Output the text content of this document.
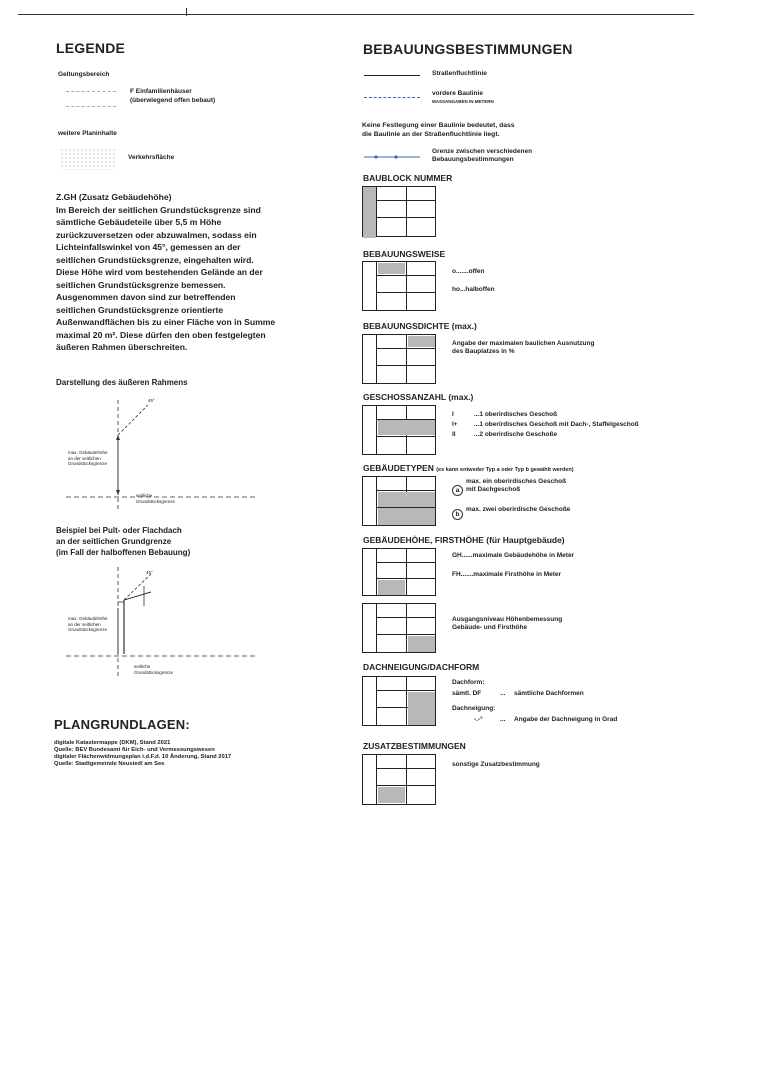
LEGENDE
Geltungsbereich
F Einfamilienhäuser
(überwiegend offen bebaut)
weitere Planinhalte
Verkehrsfläche
Z.GH (Zusatz Gebäudehöhe)
Im Bereich der seitlichen Grundstücksgrenze sind
sämtliche Gebäudeteile über 5,5 m Höhe
zurückzuversetzen oder abzuwalmen, sodass ein
Lichteinfallswinkel von 45°, gemessen an der
seitlichen Grundstücksgrenze, eingehalten wird.
Diese Höhe wird vom bestehenden Gelände an der
seitlichen Grundstücksgrenze bemessen.
Ausgenommen davon sind zur betreffenden
seitlichen Grundstücksgrenze orientierte
Außenwandflächen bis zu einer Fläche von in Summe
maximal 20 m². Diese dürfen den oben festgelegten
äußeren Rahmen überschreiten.
Darstellung des äußeren Rahmens
45°
max. Gebäudehöhe
an der seitlichen
Grundstücksgrenze
seitliche
Grundstücksgrenze
Beispiel bei Pult- oder Flachdach
an der seitlichen Grundgrenze
(im Fall der halboffenen Bebauung)
45°
max. Gebäudehöhe
an der seitlichen
Grundstücksgrenze
seitliche
Grundstücksgrenze
PLANGRUNDLAGEN:
digitale Katastermappe (DKM), Stand 2021
Quelle: BEV Bundesamt für Eich- und Vermessungswesen
digitaler Flächenwidmungsplan i.d.F.d. 10 Änderung, Stand 2017
Quelle: Stadtgemeinde Neusiedl am See
BEBAUUNGSBESTIMMUNGEN
Straßenfluchtlinie
vordere Baulinie
MASSANGABEN IN METERN
Keine Festlegung einer Baulinie bedeutet, dass
die Baulinie an der Straßenfluchtlinie liegt.
Grenze zwischen verschiedenen
Bebauungsbestimmungen
BAUBLOCK NUMMER
BEBAUUNGSWEISE
o.......offen
ho...halboffen
BEBAUUNGSDICHTE (max.)
Angabe der maximalen baulichen Ausnutzung
des Bauplatzes in %
GESCHOSSANZAHL (max.)
I	...1 oberirdisches Geschoß
I+	...1 oberirdisches Geschoß mit Dach-, Staffelgeschoß
II	...2 oberirdische Geschoße
GEBÄUDETYPEN (es kann entweder Typ a oder Typ b gewählt werden)
a
max. ein oberirdisches Geschoß
mit Dachgeschoß
b
max. zwei oberirdische Geschoße
GEBÄUDEHÖHE, FIRSTHÖHE (für Hauptgebäude)
GH......maximale Gebäudehöhe in Meter
FH.......maximale Firsthöhe in Meter
Ausgangsniveau Höhenbemessung
Gebäude- und Firsthöhe
DACHNEIGUNG/DACHFORM
Dachform:
sämtl. DF	... sämtliche Dachformen
Dachneigung:
-.-°	... Angabe der Dachneigung in Grad
ZUSATZBESTIMMUNGEN
sonstige Zusatzbestimmung
